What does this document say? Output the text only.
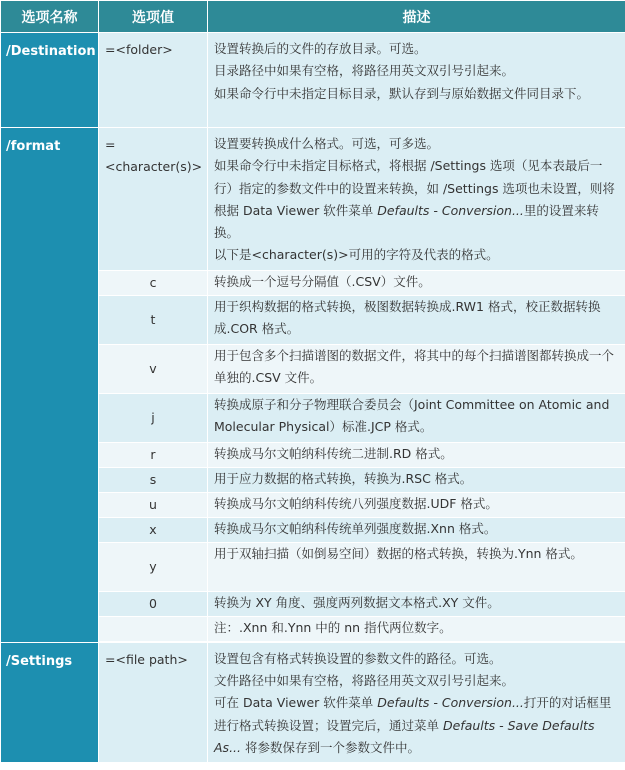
选项名称	选项值	描述
/Destination	=<folder>	设置转换后的文件的存放目录。可选。
目录路径中如果有空格，将路径用英文双引号引起来。
如果命令行中未指定目标目录，默认存到与原始数据文件同目录下。

/format	=<character(s)>	设置要转换成什么格式。可选，可多选。
如果命令行中未指定目标格式，将根据 /Settings 选项（见本表最后一行）指定的参数文件中的设置来转换，如 /Settings 选项也未设置，则将根据 Data Viewer 软件菜单 Defaults - Conversion...里的设置来转换。
以下是<character(s)>可用的字符及代表的格式。

	c	转换成一个逗号分隔值（.CSV）文件。
	t	用于织构数据的格式转换，极图数据转换成.RW1 格式，校正数据转换成.COR 格式。
	v	用于包含多个扫描谱图的数据文件，将其中的每个扫描谱图都转换成一个单独的.CSV 文件。
	j	转换成原子和分子物理联合委员会（Joint Committee on Atomic and Molecular Physical）标准.JCP 格式。
	r	转换成马尔文帕纳科传统二进制.RD 格式。
	s	用于应力数据的格式转换，转换为.RSC 格式。
	u	转换成马尔文帕纳科传统八列强度数据.UDF 格式。
	x	转换成马尔文帕纳科传统单列强度数据.Xnn 格式。
	y	用于双轴扫描（如倒易空间）数据的格式转换，转换为.Ynn 格式。
	0	转换为 XY 角度、强度两列数据文本格式.XY 文件。
		注：.Xnn 和.Ynn 中的 nn 指代两位数字。

/Settings	=<file path>	设置包含有格式转换设置的参数文件的路径。可选。
文件路径中如果有空格，将路径用英文双引号引起来。
可在 Data Viewer 软件菜单 Defaults - Conversion...打开的对话框里进行格式转换设置；设置完后，通过菜单 Defaults - Save Defaults As... 将参数保存到一个参数文件中。
